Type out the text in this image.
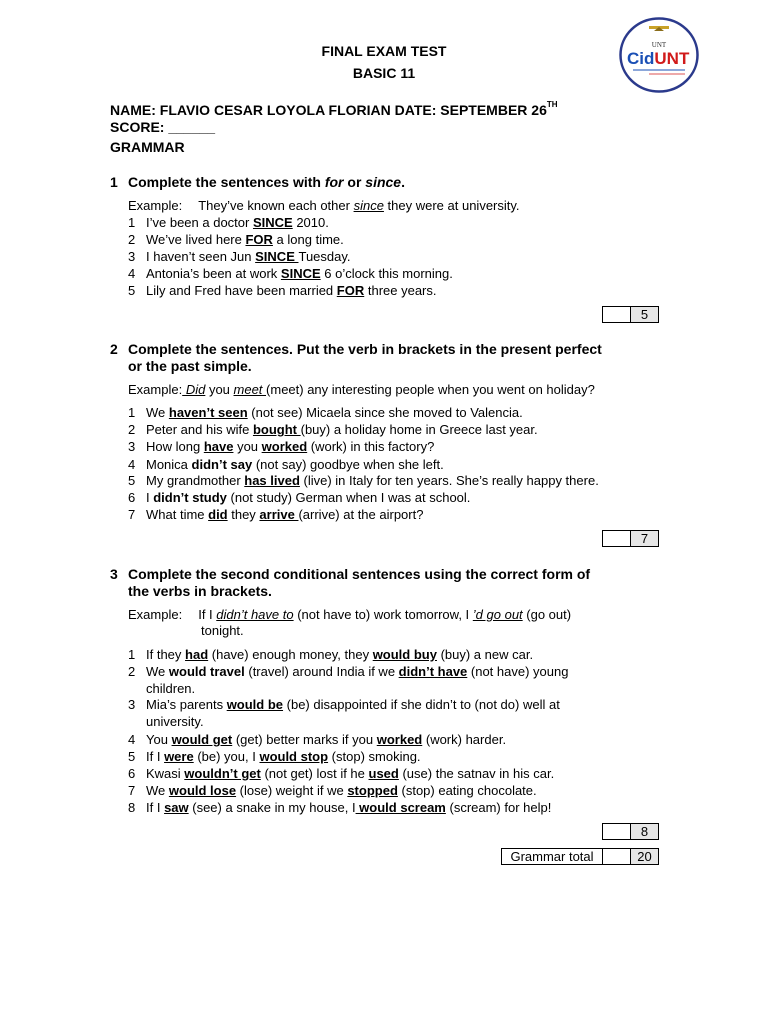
FINAL EXAM TEST
BASIC 11
UNT
CidUNT
NAME: FLAVIO CESAR LOYOLA FLORIAN DATE: SEPTEMBER 26TH
SCORE: ______
GRAMMAR
1 Complete the sentences with for or since.
Example: They’ve known each other since they were at university.
1 I’ve been a doctor SINCE 2010.
2 We’ve lived here FOR a long time.
3 I haven’t seen Jun SINCE Tuesday.
4 Antonia’s been at work SINCE 6 o’clock this morning.
5 Lily and Fred have been married FOR three years.
5
2 Complete the sentences. Put the verb in brackets in the present perfect
or the past simple.
Example: Did you meet (meet) any interesting people when you went on holiday?
1 We haven’t seen (not see) Micaela since she moved to Valencia.
2 Peter and his wife bought (buy) a holiday home in Greece last year.
3 How long have you worked (work) in this factory?
4 Monica didn’t say (not say) goodbye when she left.
5 My grandmother has lived (live) in Italy for ten years. She’s really happy there.
6 I didn’t study (not study) German when I was at school.
7 What time did they arrive (arrive) at the airport?
7
3 Complete the second conditional sentences using the correct form of
the verbs in brackets.
Example: If I didn’t have to (not have to) work tomorrow, I ’d go out (go out)
tonight.
1 If they had (have) enough money, they would buy (buy) a new car.
2 We would travel (travel) around India if we didn’t have (not have) young
children.
3 Mia’s parents would be (be) disappointed if she didn’t to (not do) well at
university.
4 You would get (get) better marks if you worked (work) harder.
5 If I were (be) you, I would stop (stop) smoking.
6 Kwasi wouldn’t get (not get) lost if he used (use) the satnav in his car.
7 We would lose (lose) weight if we stopped (stop) eating chocolate.
8 If I saw (see) a snake in my house, I would scream (scream) for help!
8
Grammar total	20
